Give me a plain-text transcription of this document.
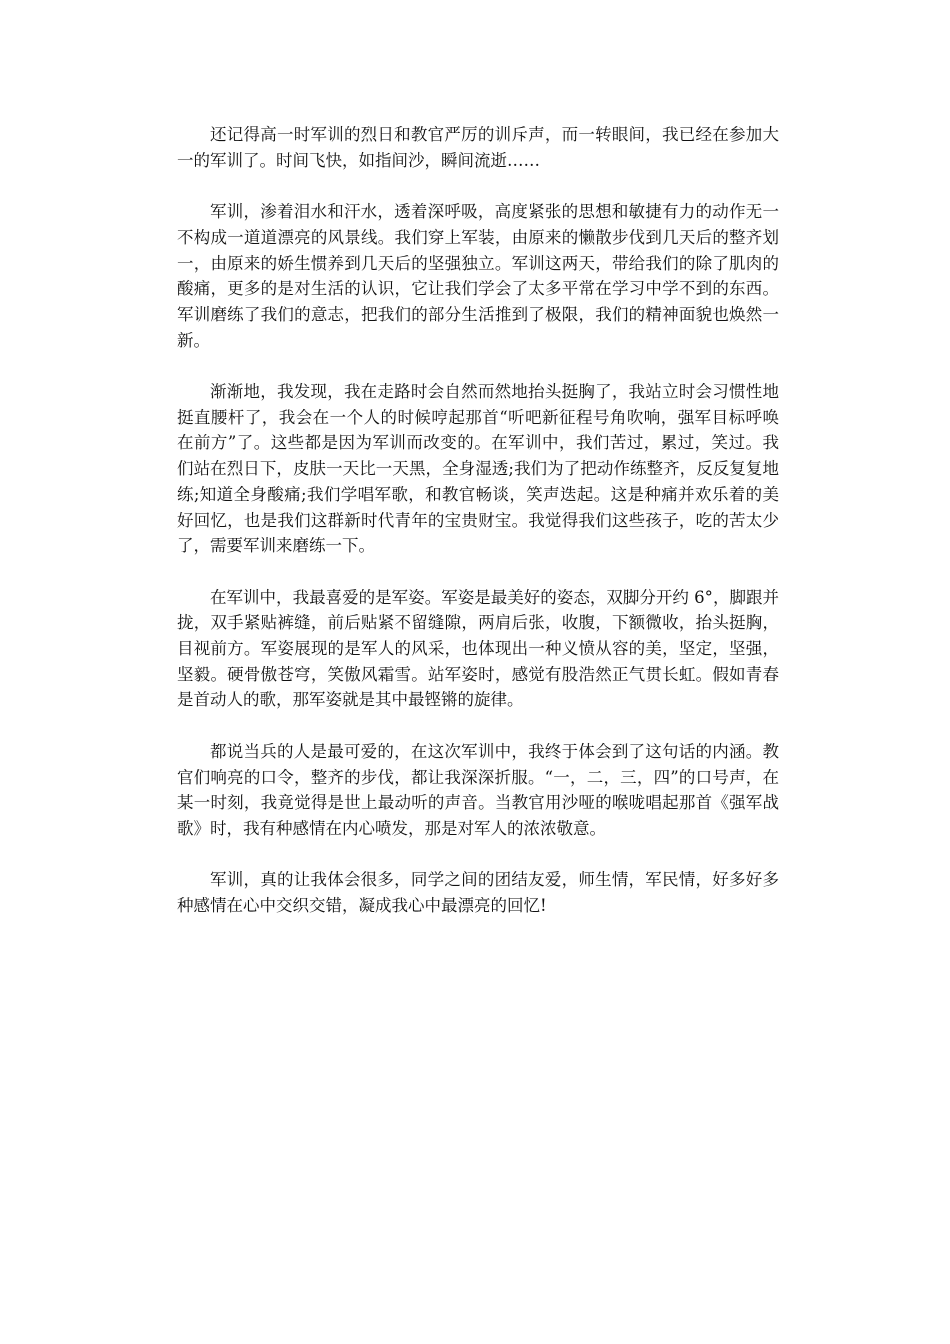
还记得高一时军训的烈日和教官严厉的训斥声，而一转眼间，我已经在参加大一的军训了。时间飞快，如指间沙，瞬间流逝……

军训，渗着泪水和汗水，透着深呼吸，高度紧张的思想和敏捷有力的动作无一不构成一道道漂亮的风景线。我们穿上军装，由原来的懒散步伐到几天后的整齐划一，由原来的娇生惯养到几天后的坚强独立。军训这两天，带给我们的除了肌肉的酸痛，更多的是对生活的认识，它让我们学会了太多平常在学习中学不到的东西。军训磨练了我们的意志，把我们的部分生活推到了极限，我们的精神面貌也焕然一新。

渐渐地，我发现，我在走路时会自然而然地抬头挺胸了，我站立时会习惯性地挺直腰杆了，我会在一个人的时候哼起那首“听吧新征程号角吹响，强军目标呼唤在前方”了。这些都是因为军训而改变的。在军训中，我们苦过，累过，笑过。我们站在烈日下，皮肤一天比一天黑，全身湿透;我们为了把动作练整齐，反反复复地练;知道全身酸痛;我们学唱军歌，和教官畅谈，笑声迭起。这是种痛并欢乐着的美好回忆，也是我们这群新时代青年的宝贵财宝。我觉得我们这些孩子，吃的苦太少了，需要军训来磨练一下。

在军训中，我最喜爱的是军姿。军姿是最美好的姿态，双脚分开约 6°，脚跟并拢，双手紧贴裤缝，前后贴紧不留缝隙，两肩后张，收腹，下额微收，抬头挺胸，目视前方。军姿展现的是军人的风采，也体现出一种义愤从容的美，坚定，坚强，坚毅。硬骨傲苍穹，笑傲风霜雪。站军姿时，感觉有股浩然正气贯长虹。假如青春是首动人的歌，那军姿就是其中最铿锵的旋律。

都说当兵的人是最可爱的，在这次军训中，我终于体会到了这句话的内涵。教官们响亮的口令，整齐的步伐，都让我深深折服。“一，二，三，四”的口号声，在某一时刻，我竟觉得是世上最动听的声音。当教官用沙哑的喉咙唱起那首《强军战歌》时，我有种感情在内心喷发，那是对军人的浓浓敬意。

军训，真的让我体会很多，同学之间的团结友爱，师生情，军民情，好多好多种感情在心中交织交错，凝成我心中最漂亮的回忆!
